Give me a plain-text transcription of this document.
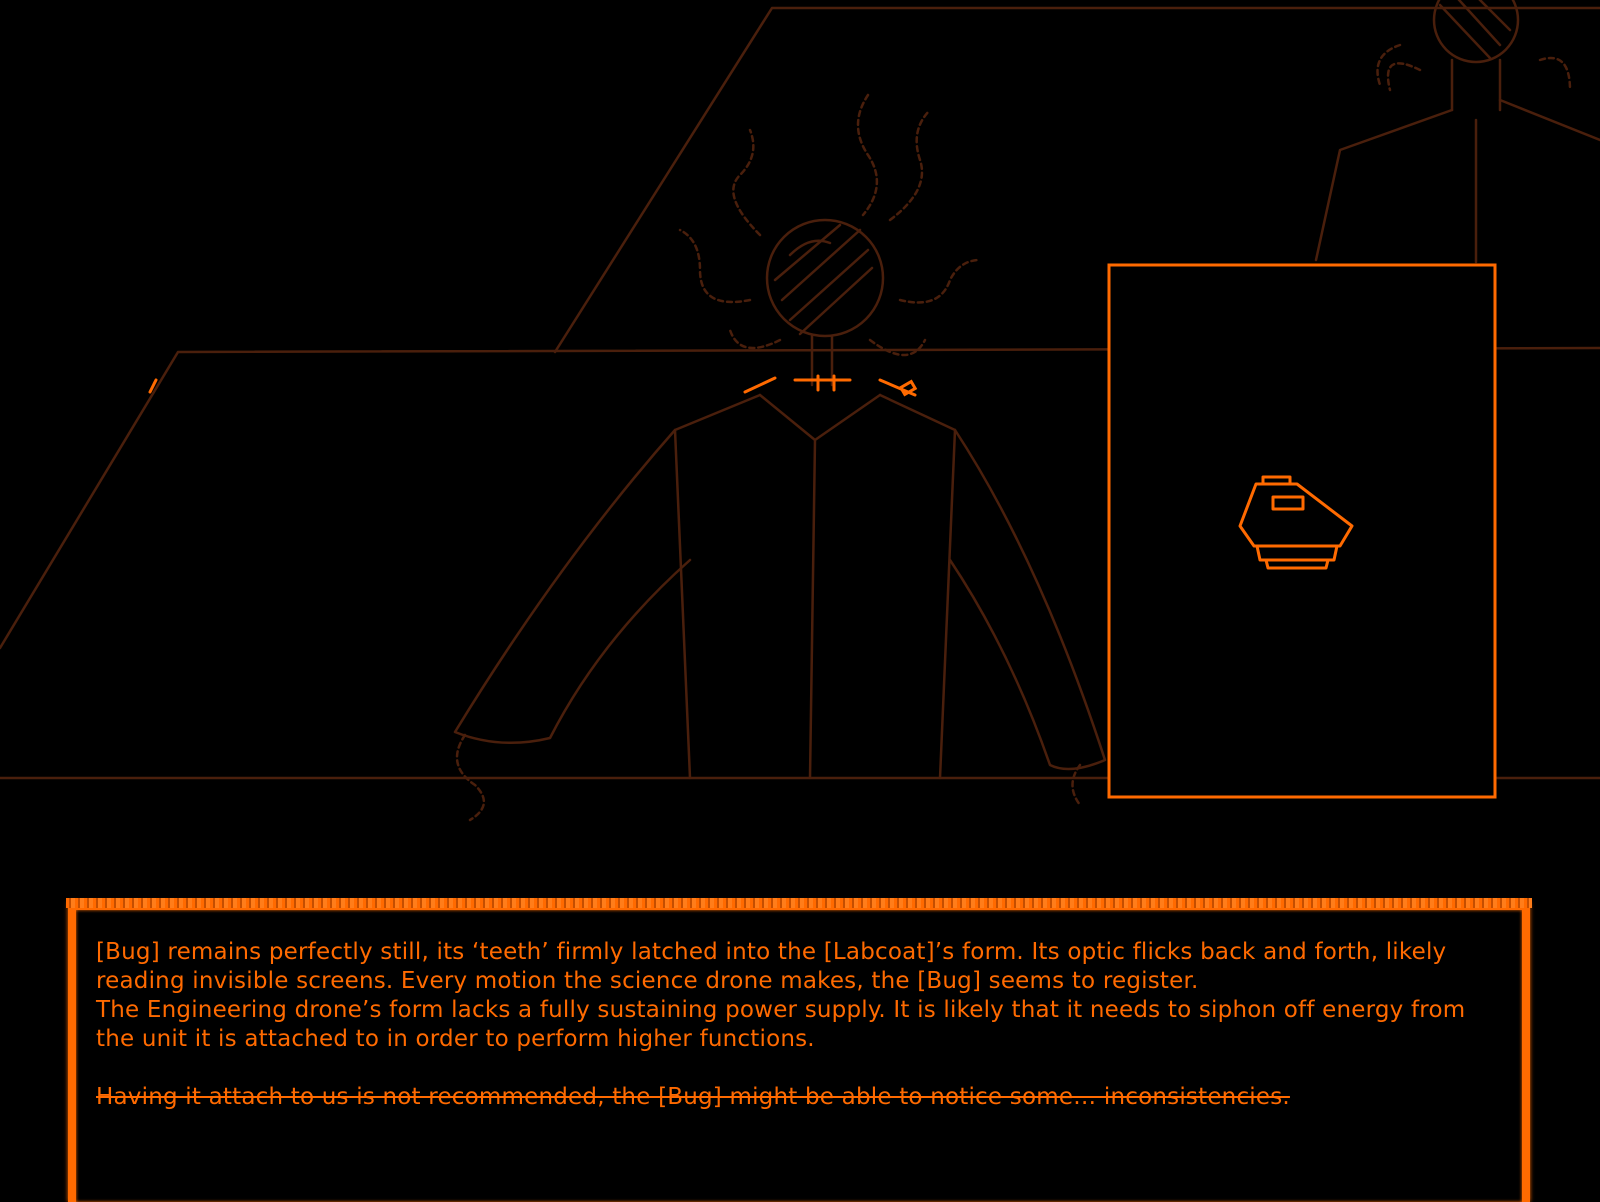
[Bug] remains perfectly still, its ‘teeth’ firmly latched into the [Labcoat]’s form. Its optic flicks back and forth, likely reading invisible screens. Every motion the science drone makes, the [Bug] seems to register.

The Engineering drone’s form lacks a fully sustaining power supply. It is likely that it needs to siphon off energy from the unit it is attached to in order to perform higher functions.

Having it attach to us is not recommended, the [Bug] might be able to notice some… inconsistencies.
